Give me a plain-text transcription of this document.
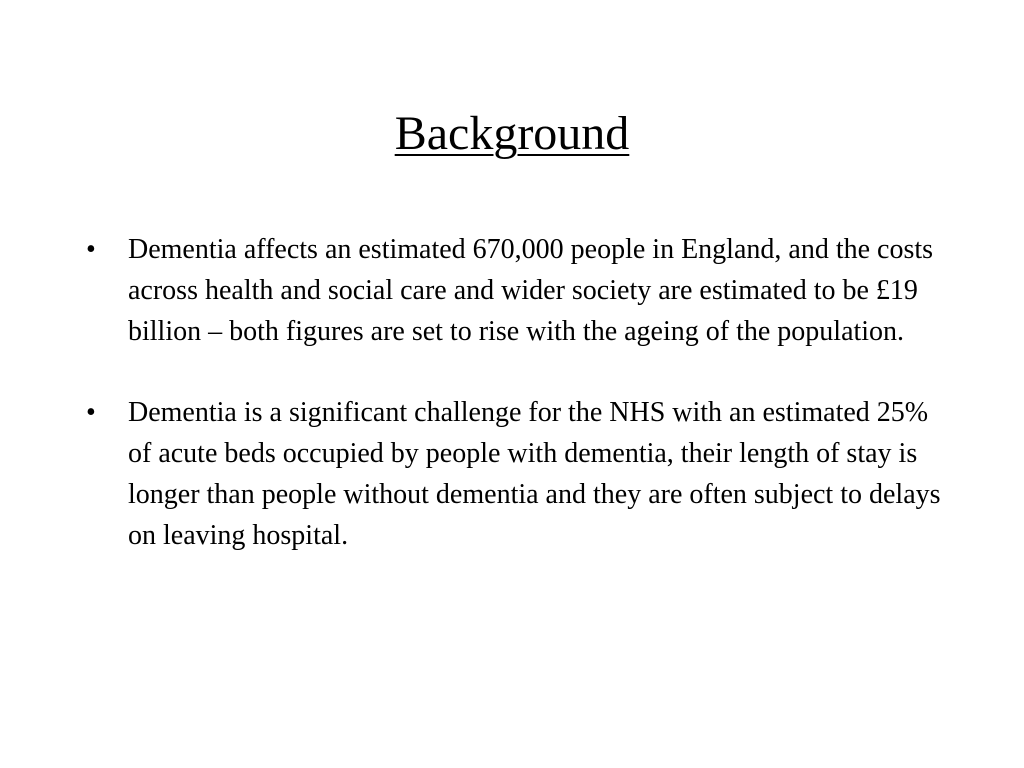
Background
•	Dementia affects an estimated 670,000 people in England, and the costs across health and social care and wider society are estimated to be £19 billion – both figures are set to rise with the ageing of the population.
•	Dementia is a significant challenge for the NHS with an estimated 25% of acute beds occupied by people with dementia, their length of stay is longer than people without dementia and they are often subject to delays on leaving hospital.
